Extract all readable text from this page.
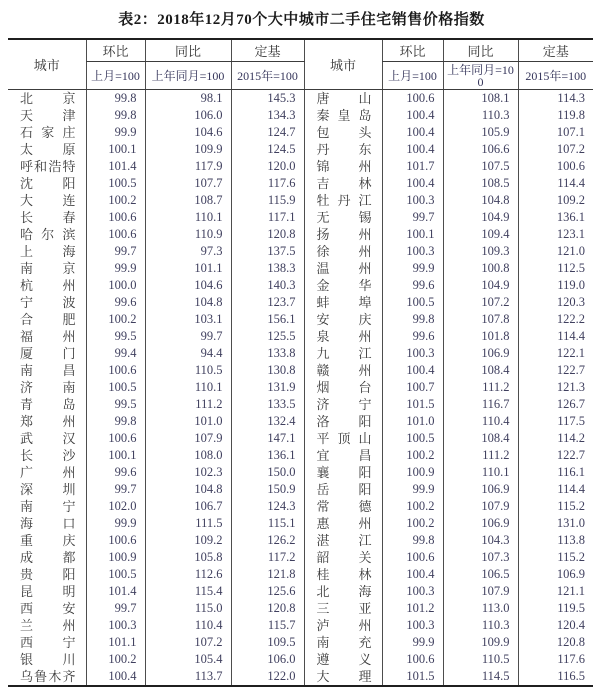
表2：2018年12月70个大中城市二手住宅销售价格指数
城市	环比	同比	定基	城市	环比	同比	定基
	上月=100	上年同月=100	2015年=100		上月=100	上年同月=100	2015年=100
北京	99.8	98.1	145.3	唐山	100.6	108.1	114.3
天津	99.8	106.0	134.3	秦皇岛	100.4	110.3	119.8
石家庄	99.9	104.6	124.7	包头	100.4	105.9	107.1
太原	100.1	109.9	124.5	丹东	100.4	106.6	107.2
呼和浩特	101.4	117.9	120.0	锦州	101.7	107.5	100.6
沈阳	100.5	107.7	117.6	吉林	100.4	108.5	114.4
大连	100.2	108.7	115.9	牡丹江	100.3	104.8	109.2
长春	100.6	110.1	117.1	无锡	99.7	104.9	136.1
哈尔滨	100.6	110.9	120.8	扬州	100.1	109.4	123.1
上海	99.7	97.3	137.5	徐州	100.3	109.3	121.0
南京	99.9	101.1	138.3	温州	99.9	100.8	112.5
杭州	100.0	104.6	140.3	金华	99.6	104.9	119.0
宁波	99.6	104.8	123.7	蚌埠	100.5	107.2	120.3
合肥	100.2	103.1	156.1	安庆	99.8	107.8	122.2
福州	99.5	99.7	125.5	泉州	99.6	101.8	114.4
厦门	99.4	94.4	133.8	九江	100.3	106.9	122.1
南昌	100.6	110.5	130.8	赣州	100.4	108.4	122.7
济南	100.5	110.1	131.9	烟台	100.7	111.2	121.3
青岛	99.5	111.2	133.5	济宁	101.5	116.7	126.7
郑州	99.8	101.0	132.4	洛阳	101.0	110.4	117.5
武汉	100.6	107.9	147.1	平顶山	100.5	108.4	114.2
长沙	100.1	108.0	136.1	宜昌	100.2	111.2	122.7
广州	99.6	102.3	150.0	襄阳	100.9	110.1	116.1
深圳	99.7	104.8	150.9	岳阳	99.9	106.9	114.4
南宁	102.0	106.7	124.3	常德	100.2	107.9	115.2
海口	99.9	111.5	115.1	惠州	100.2	106.9	131.0
重庆	100.6	109.2	126.2	湛江	99.8	104.3	113.8
成都	100.9	105.8	117.2	韶关	100.6	107.3	115.2
贵阳	100.5	112.6	121.8	桂林	100.4	106.5	106.9
昆明	101.4	115.4	125.6	北海	100.3	107.9	121.1
西安	99.7	115.0	120.8	三亚	101.2	113.0	119.5
兰州	100.3	110.4	115.7	泸州	100.3	110.3	120.4
西宁	101.1	107.2	109.5	南充	99.9	109.9	120.8
银川	100.2	105.4	106.0	遵义	100.6	110.5	117.6
乌鲁木齐	100.4	113.7	122.0	大理	101.5	114.5	116.5
